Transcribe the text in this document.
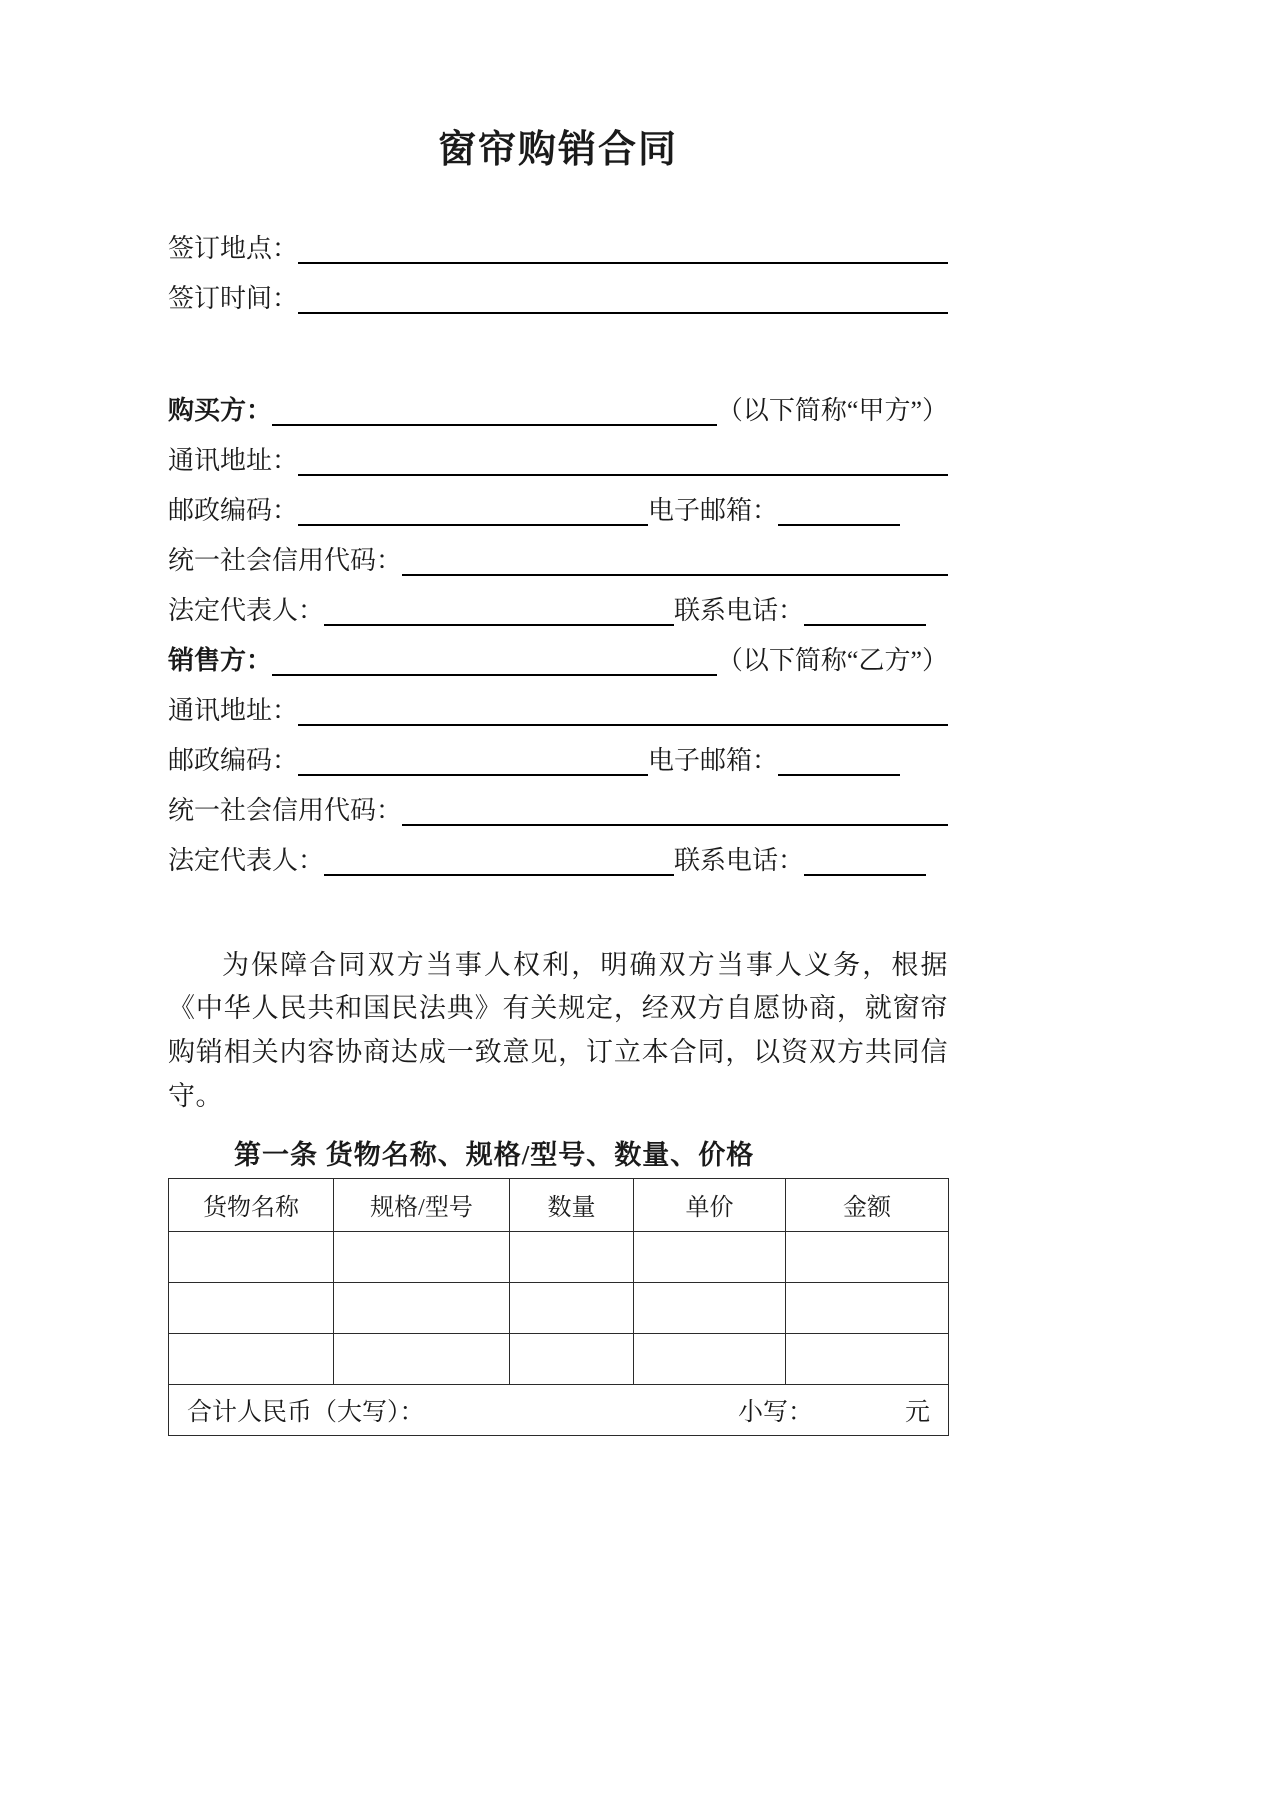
窗帘购销合同
签订地点：
签订时间：
购买方：	（以下简称“甲方”）
通讯地址：
邮政编码：	电子邮箱：
统一社会信用代码：
法定代表人：	联系电话：
销售方：	（以下简称“乙方”）
通讯地址：
邮政编码：	电子邮箱：
统一社会信用代码：
法定代表人：	联系电话：

为保障合同双方当事人权利，明确双方当事人义务，根据《中华人民共和国民法典》有关规定，经双方自愿协商，就窗帘购销相关内容协商达成一致意见，订立本合同，以资双方共同信守。

第一条 货物名称、规格/型号、数量、价格
货物名称	规格/型号	数量	单价	金额

合计人民币（大写）： 小写： 元				
